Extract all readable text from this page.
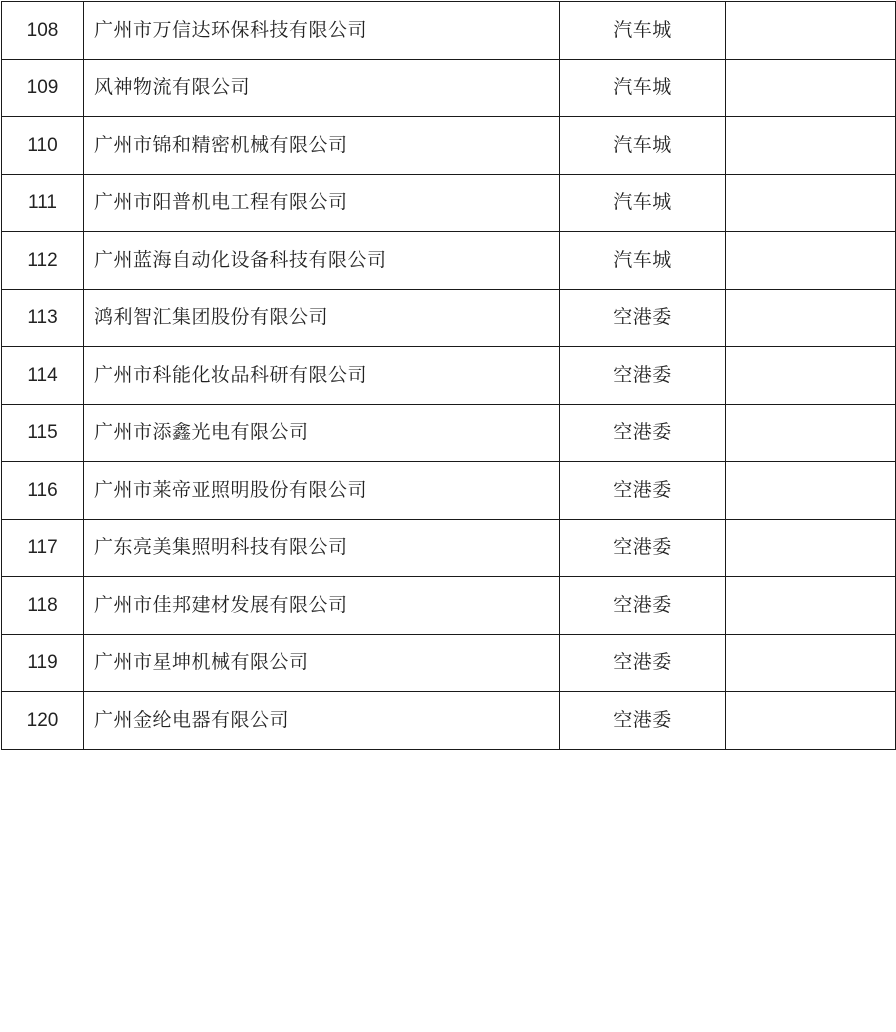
108	广州市万信达环保科技有限公司	汽车城	
109	风神物流有限公司	汽车城	
110	广州市锦和精密机械有限公司	汽车城	
111	广州市阳普机电工程有限公司	汽车城	
112	广州蓝海自动化设备科技有限公司	汽车城	
113	鸿利智汇集团股份有限公司	空港委	
114	广州市科能化妆品科研有限公司	空港委	
115	广州市添鑫光电有限公司	空港委	
116	广州市莱帝亚照明股份有限公司	空港委	
117	广东亮美集照明科技有限公司	空港委	
118	广州市佳邦建材发展有限公司	空港委	
119	广州市星坤机械有限公司	空港委	
120	广州金纶电器有限公司	空港委	
